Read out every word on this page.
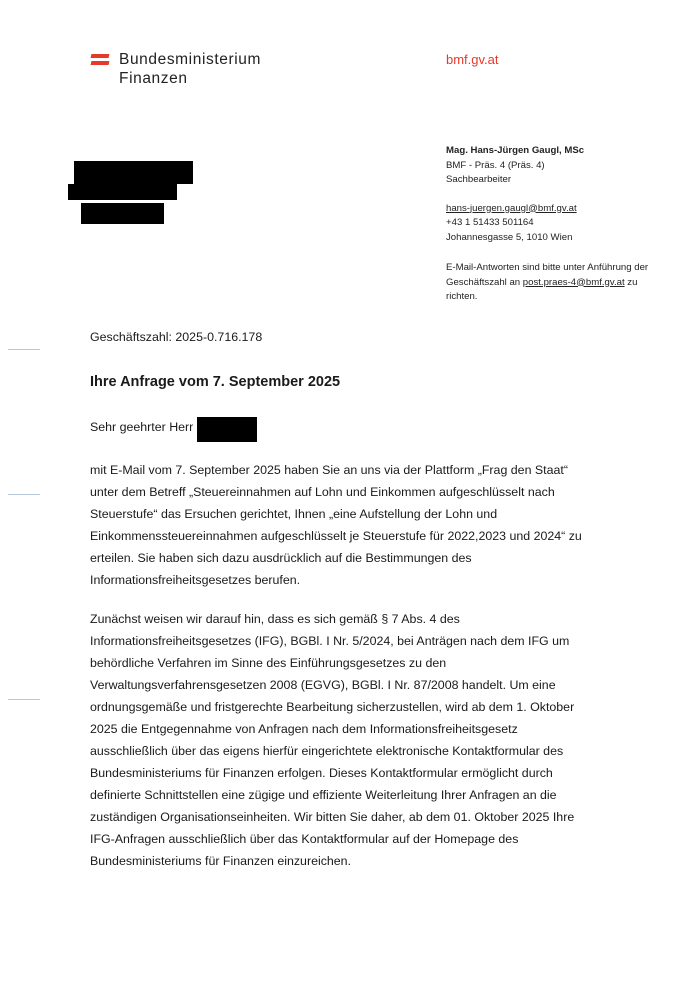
Bundesministerium
Finanzen
bmf.gv.at
Mag. Hans-Jürgen Gaugl, MSc
BMF - Präs. 4 (Präs. 4)
Sachbearbeiter
hans-juergen.gaugl@bmf.gv.at
+43 1 51433 501164
Johannesgasse 5, 1010 Wien
E-Mail-Antworten sind bitte unter Anführung der
Geschäftszahl an post.praes-4@bmf.gv.at zu
richten.
Geschäftszahl: 2025-0.716.178
Ihre Anfrage vom 7. September 2025
Sehr geehrter Herr
mit E-Mail vom 7. September 2025 haben Sie an uns via der Plattform „Frag den Staat“
unter dem Betreff „Steuereinnahmen auf Lohn und Einkommen aufgeschlüsselt nach
Steuerstufe“ das Ersuchen gerichtet, Ihnen „eine Aufstellung der Lohn und
Einkommenssteuereinnahmen aufgeschlüsselt je Steuerstufe für 2022,2023 und 2024“ zu
erteilen. Sie haben sich dazu ausdrücklich auf die Bestimmungen des
Informationsfreiheitsgesetzes berufen.
Zunächst weisen wir darauf hin, dass es sich gemäß § 7 Abs. 4 des
Informationsfreiheitsgesetzes (IFG), BGBl. I Nr. 5/2024, bei Anträgen nach dem IFG um
behördliche Verfahren im Sinne des Einführungsgesetzes zu den
Verwaltungsverfahrensgesetzen 2008 (EGVG), BGBl. I Nr. 87/2008 handelt. Um eine
ordnungsgemäße und fristgerechte Bearbeitung sicherzustellen, wird ab dem 1. Oktober
2025 die Entgegennahme von Anfragen nach dem Informationsfreiheitsgesetz
ausschließlich über das eigens hierfür eingerichtete elektronische Kontaktformular des
Bundesministeriums für Finanzen erfolgen. Dieses Kontaktformular ermöglicht durch
definierte Schnittstellen eine zügige und effiziente Weiterleitung Ihrer Anfragen an die
zuständigen Organisationseinheiten. Wir bitten Sie daher, ab dem 01. Oktober 2025 Ihre
IFG-Anfragen ausschließlich über das Kontaktformular auf der Homepage des
Bundesministeriums für Finanzen einzureichen.
